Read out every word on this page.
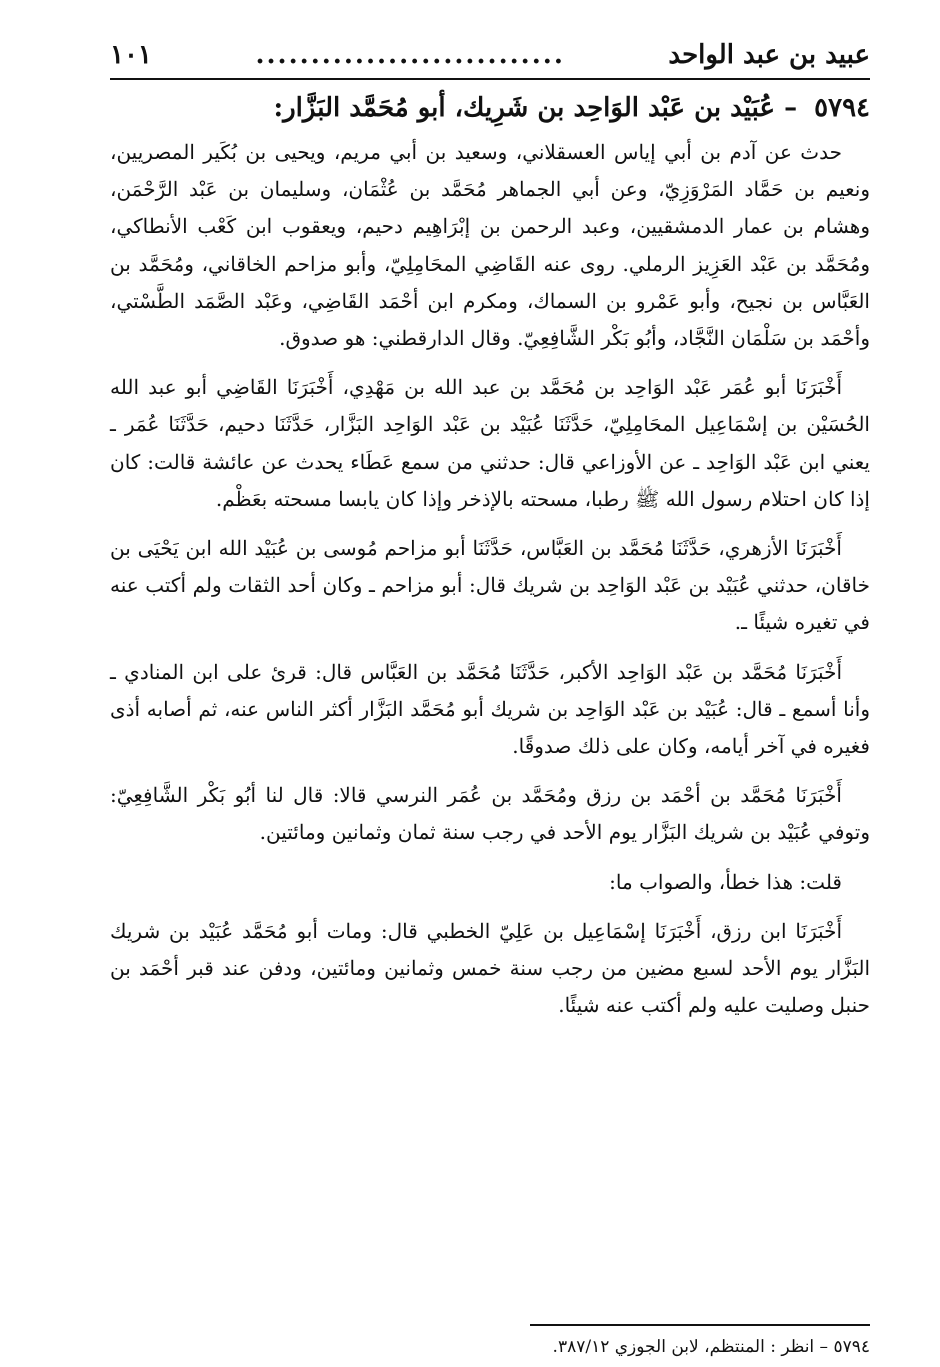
عبيد بن عبد الواحد
............................
١٠١
٥٧٩٤ – عُبَيْد بن عَبْد الوَاحِد بن شَرِيك، أبو مُحَمَّد البَزَّار:

حدث عن آدم بن أبي إياس العسقلاني، وسعيد بن أبي مريم، ويحيى بن بُكَير المصريين، ونعيم بن حَمَّاد المَرْوَزِيّ، وعن أبي الجماهر مُحَمَّد بن عُثْمَان، وسليمان بن عَبْد الرَّحْمَن، وهشام بن عمار الدمشقيين، وعبد الرحمن بن إبْرَاهِيم دحيم، ويعقوب ابن كَعْب الأنطاكي، ومُحَمَّد بن عَبْد العَزِيز الرملي. روى عنه القَاضِي المحَامِلِيّ، وأبو مزاحم الخاقاني، ومُحَمَّد بن العَبَّاس بن نجيح، وأبو عَمْرو بن السماك، ومكرم ابن أحْمَد القَاضِي، وعَبْد الصَّمَد الطَّسْتي، وأحْمَد بن سَلْمَان النَّجَّاد، وأبُو بَكْر الشَّافِعِيّ. وقال الدارقطني: هو صدوق.

أَخْبَرَنَا أبو عُمَر عَبْد الوَاحِد بن مُحَمَّد بن عبد الله بن مَهْدِي، أَخْبَرَنَا القَاضِي أبو عبد الله الحُسَيْن بن إسْمَاعِيل المحَامِلِيّ، حَدَّثَنَا عُبَيْد بن عَبْد الوَاحِد البَزَّار، حَدَّثَنَا دحيم، حَدَّثَنَا عُمَر ـ يعني ابن عَبْد الوَاحِد ـ عن الأوزاعي قال: حدثني من سمع عَطَاء يحدث عن عائشة قالت: كان إذا كان احتلام رسول الله ﷺ رطبا، مسحته بالإذخر وإذا كان يابسا مسحته بعَظْم.

أَخْبَرَنَا الأزهري، حَدَّثَنَا مُحَمَّد بن العَبَّاس، حَدَّثَنَا أبو مزاحم مُوسى بن عُبَيْد الله ابن يَحْيَى بن خاقان، حدثني عُبَيْد بن عَبْد الوَاحِد بن شريك قال: أبو مزاحم ـ وكان أحد الثقات ولم أكتب عنه في تغيره شيئًا ـ.

أَخْبَرَنَا مُحَمَّد بن عَبْد الوَاحِد الأكبر، حَدَّثَنَا مُحَمَّد بن العَبَّاس قال: قرئ على ابن المنادي ـ وأنا أسمع ـ قال: عُبَيْد بن عَبْد الوَاحِد بن شريك أبو مُحَمَّد البَزَّار أكثر الناس عنه، ثم أصابه أذى فغيره في آخر أيامه، وكان على ذلك صدوقًا.

أَخْبَرَنَا مُحَمَّد بن أحْمَد بن رزق ومُحَمَّد بن عُمَر النرسي قالا: قال لنا أبُو بَكْر الشَّافِعِيّ: وتوفي عُبَيْد بن شريك البَزَّار يوم الأحد في رجب سنة ثمان وثمانين ومائتين.

قلت: هذا خطأ، والصواب ما:

أَخْبَرَنَا ابن رزق، أَخْبَرَنَا إسْمَاعِيل بن عَلِيّ الخطبي قال: ومات أبو مُحَمَّد عُبَيْد بن شريك البَزَّار يوم الأحد لسبع مضين من رجب سنة خمس وثمانين ومائتين، ودفن عند قبر أحْمَد بن حنبل وصليت عليه ولم أكتب عنه شيئًا.

٥٧٩٤ – انظر : المنتظم، لابن الجوزي ٣٨٧/١٢.
